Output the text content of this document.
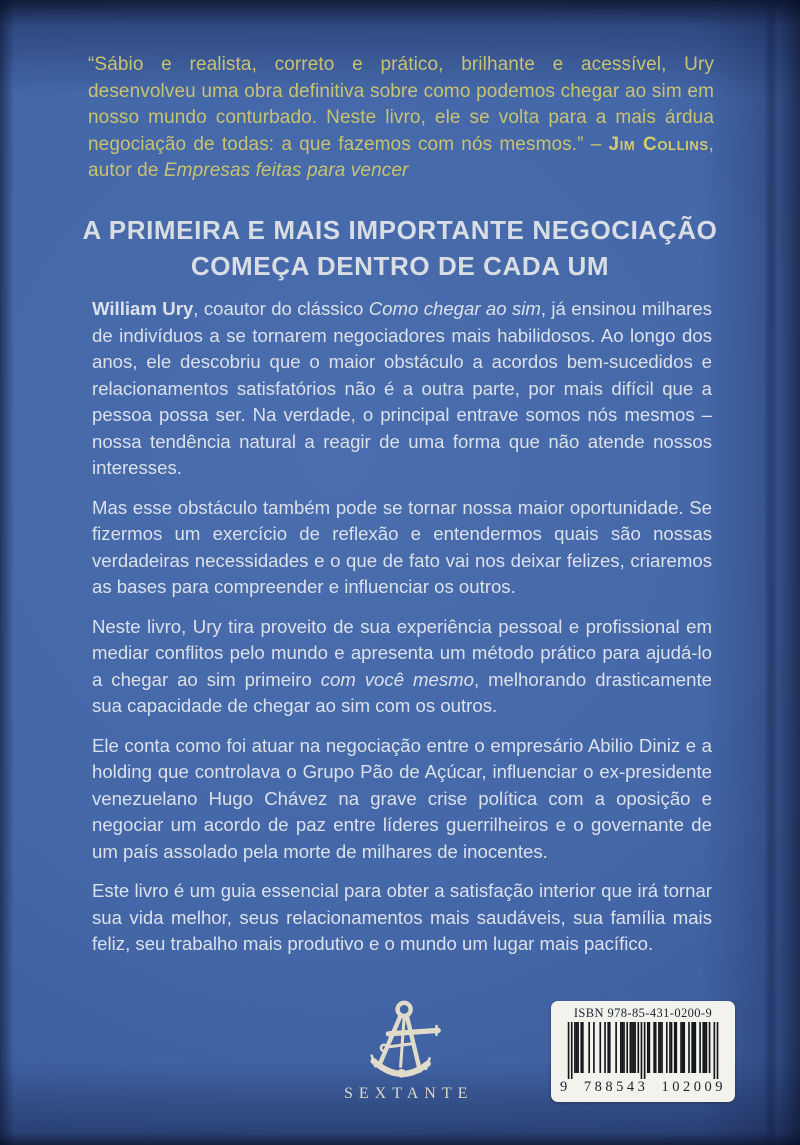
“Sábio e realista, correto e prático, brilhante e acessível, Ury desenvolveu uma obra definitiva sobre como podemos chegar ao sim em nosso mundo conturbado. Neste livro, ele se volta para a mais árdua negociação de todas: a que fazemos com nós mesmos.” – Jim Collins, autor de Empresas feitas para vencer
A PRIMEIRA E MAIS IMPORTANTE NEGOCIAÇÃO COMEÇA DENTRO DE CADA UM

William Ury, coautor do clássico Como chegar ao sim, já ensinou milhares de indivíduos a se tornarem negociadores mais habilidosos. Ao longo dos anos, ele descobriu que o maior obstáculo a acordos bem-sucedidos e relacionamentos satisfatórios não é a outra parte, por mais difícil que a pessoa possa ser. Na verdade, o principal entrave somos nós mesmos – nossa tendência natural a reagir de uma forma que não atende nossos interesses.

Mas esse obstáculo também pode se tornar nossa maior oportunidade. Se fizermos um exercício de reflexão e entendermos quais são nossas verdadeiras necessidades e o que de fato vai nos deixar felizes, criaremos as bases para compreender e influenciar os outros.

Neste livro, Ury tira proveito de sua experiência pessoal e profissional em mediar conflitos pelo mundo e apresenta um método prático para ajudá-lo a chegar ao sim primeiro com você mesmo, melhorando drasticamente sua capacidade de chegar ao sim com os outros.

Ele conta como foi atuar na negociação entre o empresário Abilio Diniz e a holding que controlava o Grupo Pão de Açúcar, influenciar o ex-presidente venezuelano Hugo Chávez na grave crise política com a oposição e negociar um acordo de paz entre líderes guerrilheiros e o governante de um país assolado pela morte de milhares de inocentes.

Este livro é um guia essencial para obter a satisfação interior que irá tornar sua vida melhor, seus relacionamentos mais saudáveis, sua família mais feliz, seu trabalho mais produtivo e o mundo um lugar mais pacífico.

SEXTANTE
ISBN 978-85-431-0200-9
9 788543 102009
